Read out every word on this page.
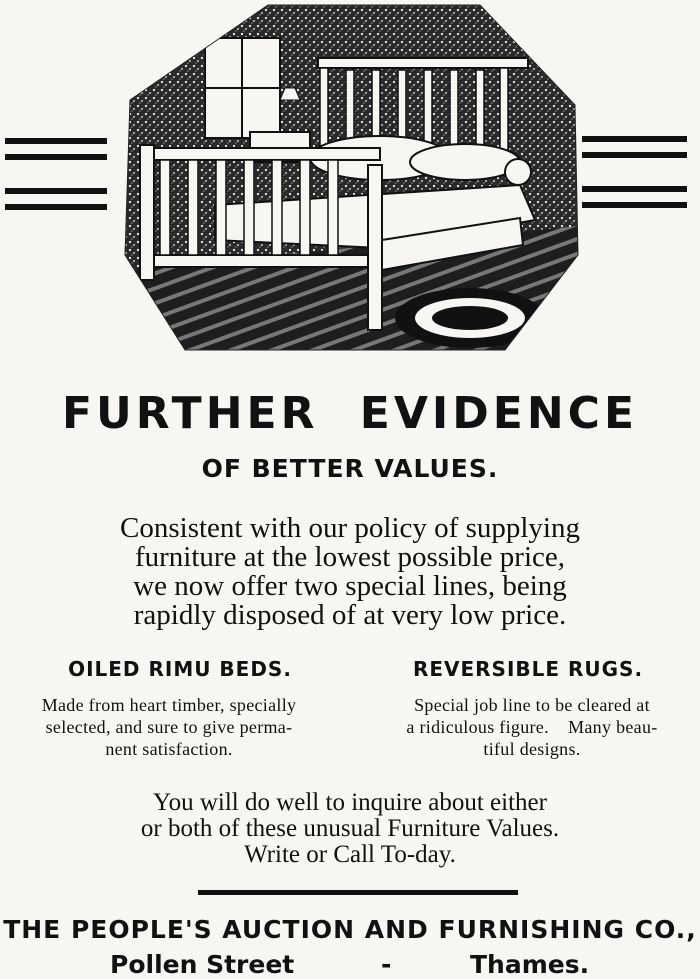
FURTHER EVIDENCE
OF BETTER VALUES.
Consistent with our policy of supplying
furniture at the lowest possible price,
we now offer two special lines, being
rapidly disposed of at very low price.
OILED RIMU BEDS.	REVERSIBLE RUGS.
Made from heart timber, specially
selected, and sure to give perma-
nent satisfaction.
Special job line to be cleared at
a ridiculous figure.    Many beau-
tiful designs.
You will do well to inquire about either
or both of these unusual Furniture Values.
Write or Call To-day.
THE PEOPLE'S AUCTION AND FURNISHING CO.,
Pollen Street	-	Thames.
